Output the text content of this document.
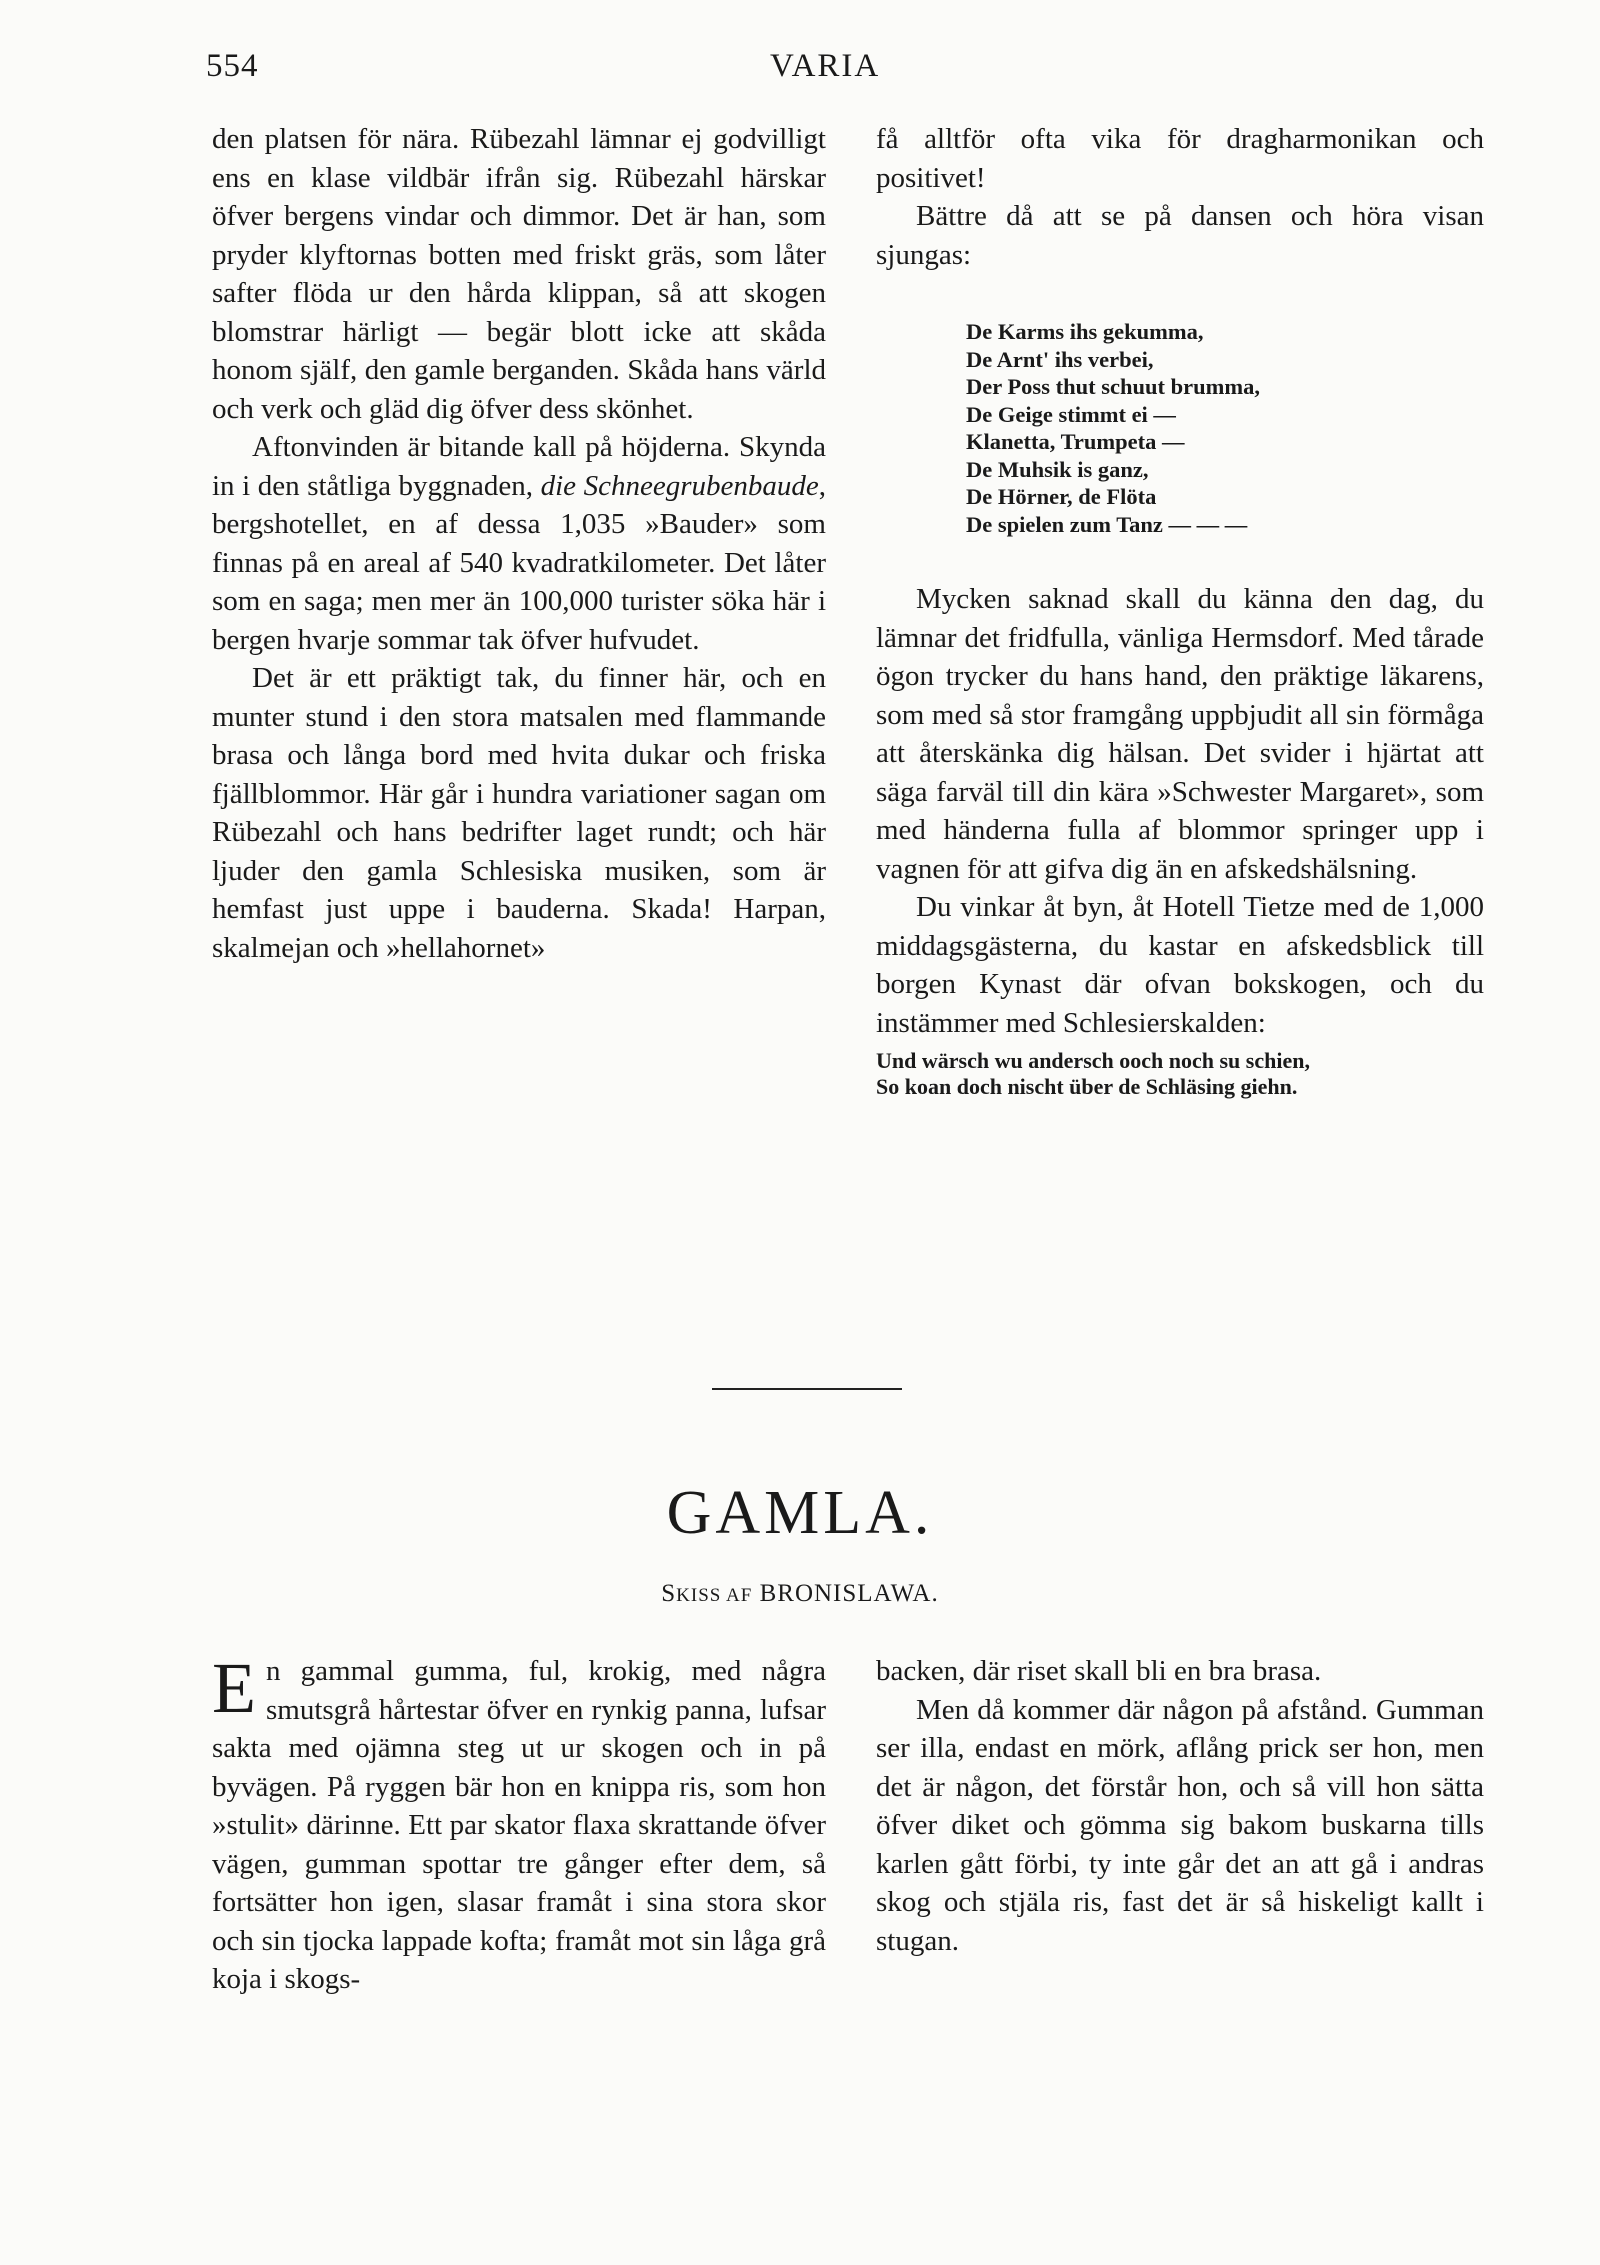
554	VARIA

den platsen för nära. Rübezahl lämnar ej godvilligt ens en klase vildbär ifrån sig. Rübezahl härskar öfver bergens vindar och dimmor. Det är han, som pryder klyftornas botten med friskt gräs, som låter safter flöda ur den hårda klippan, så att skogen blomstrar härligt — begär blott icke att skåda honom själf, den gamle berganden. Skåda hans värld och verk och gläd dig öfver dess skönhet.

Aftonvinden är bitande kall på höjderna. Skynda in i den ståtliga byggnaden, die Schneegrubenbaude, bergshotellet, en af dessa 1,035 »Bauder» som finnas på en areal af 540 kvadratkilometer. Det låter som en saga; men mer än 100,000 turister söka här i bergen hvarje sommar tak öfver hufvudet.

Det är ett präktigt tak, du finner här, och en munter stund i den stora matsalen med flammande brasa och långa bord med hvita dukar och friska fjällblommor. Här går i hundra variationer sagan om Rübezahl och hans bedrifter laget rundt; och här ljuder den gamla Schlesiska musiken, som är hemfast just uppe i bauderna. Skada! Harpan, skalmejan och »hellahornet»

få alltför ofta vika för dragharmonikan och positivet!

Bättre då att se på dansen och höra visan sjungas:

De Karms ihs gekumma,
De Arnt' ihs verbei,
Der Poss thut schuut brumma,
De Geige stimmt ei —
Klanetta, Trumpeta —
De Muhsik is ganz,
De Hörner, de Flöta
De spielen zum Tanz — — —

Mycken saknad skall du känna den dag, du lämnar det fridfulla, vänliga Hermsdorf. Med tårade ögon trycker du hans hand, den präktige läkarens, som med så stor framgång uppbjudit all sin förmåga att återskänka dig hälsan. Det svider i hjärtat att säga farväl till din kära »Schwester Margaret», som med händerna fulla af blommor springer upp i vagnen för att gifva dig än en afskedshälsning.

Du vinkar åt byn, åt Hotell Tietze med de 1,000 middagsgästerna, du kastar en afskedsblick till borgen Kynast där ofvan bokskogen, och du instämmer med Schlesierskalden:

Und wärsch wu andersch ooch noch su schien,
So koan doch nischt über de Schläsing giehn.
GAMLA.
SKISS AF BRONISLAWA.

En gammal gumma, ful, krokig, med några smutsgrå hårtestar öfver en rynkig panna, lufsar sakta med ojämna steg ut ur skogen och in på byvägen. På ryggen bär hon en knippa ris, som hon »stulit» därinne. Ett par skator flaxa skrattande öfver vägen, gumman spottar tre gånger efter dem, så fortsätter hon igen, slasar framåt i sina stora skor och sin tjocka lappade kofta; framåt mot sin låga grå koja i skogs-

backen, där riset skall bli en bra brasa.

Men då kommer där någon på afstånd. Gumman ser illa, endast en mörk, aflång prick ser hon, men det är någon, det förstår hon, och så vill hon sätta öfver diket och gömma sig bakom buskarna tills karlen gått förbi, ty inte går det an att gå i andras skog och stjäla ris, fast det är så hiskeligt kallt i stugan.
